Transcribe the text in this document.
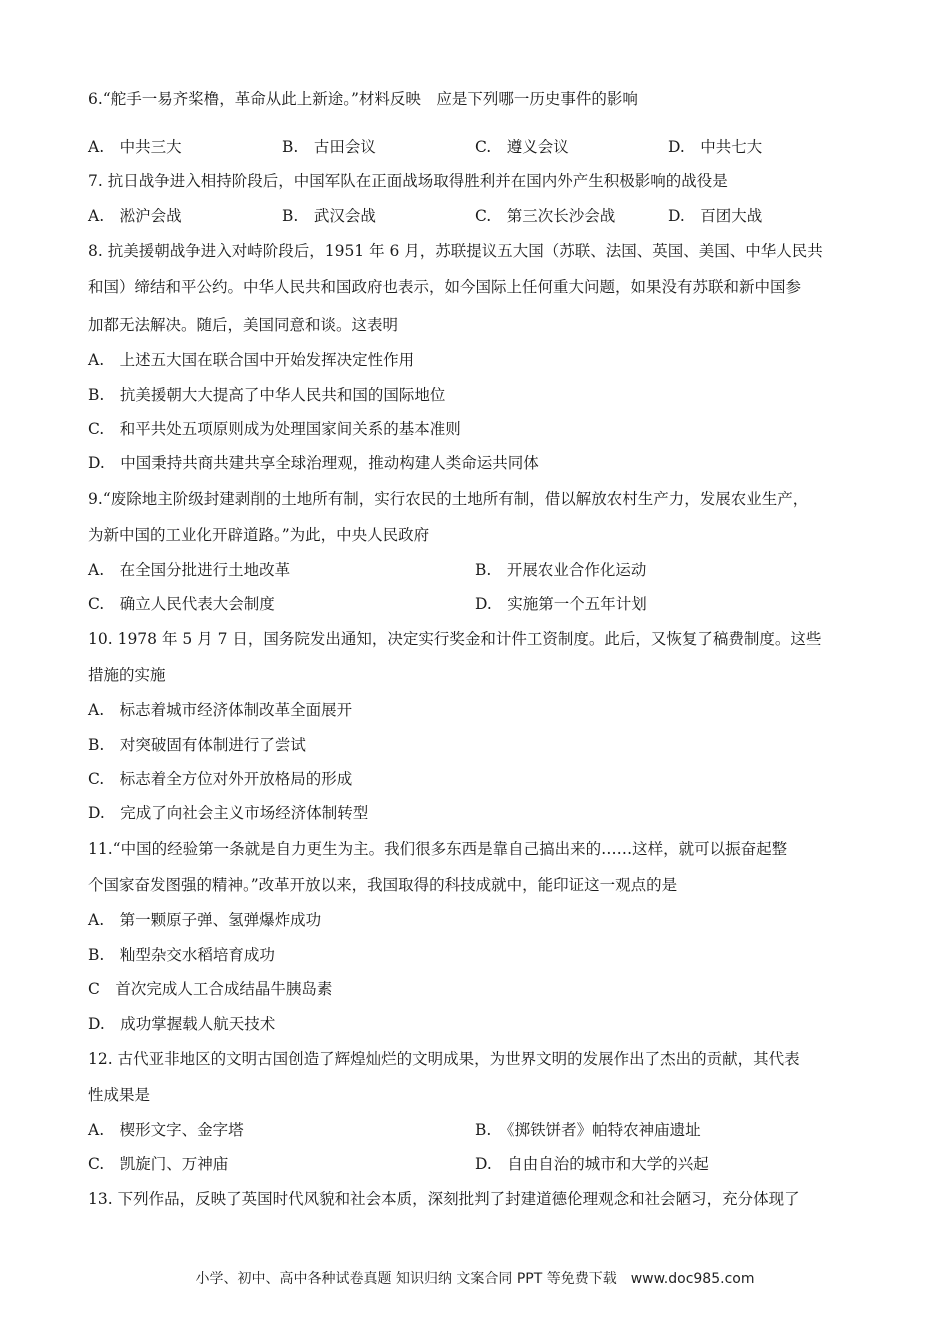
6.“舵手一易齐桨橹，革命从此上新途。”材料反映　应是下列哪一历史事件的影响
A.　中共三大	B.　古田会议	C.　遵义会议	D.　中共七大
7. 抗日战争进入相持阶段后，中国军队在正面战场取得胜利并在国内外产生积极影响的战役是
A.　淞沪会战	B.　武汉会战	C.　第三次长沙会战	D.　百团大战
8. 抗美援朝战争进入对峙阶段后，1951 年 6 月，苏联提议五大国（苏联、法国、英国、美国、中华人民共
和国）缔结和平公约。中华人民共和国政府也表示，如今国际上任何重大问题，如果没有苏联和新中国参
加都无法解决。随后，美国同意和谈。这表明
A.　上述五大国在联合国中开始发挥决定性作用
B.　抗美援朝大大提高了中华人民共和国的国际地位
C.　和平共处五项原则成为处理国家间关系的基本准则
D.　中国秉持共商共建共享全球治理观，推动构建人类命运共同体
9.“废除地主阶级封建剥削的土地所有制，实行农民的土地所有制，借以解放农村生产力，发展农业生产，
为新中国的工业化开辟道路。”为此，中央人民政府
A.　在全国分批进行土地改革	B.　开展农业合作化运动
C.　确立人民代表大会制度	D.　实施第一个五年计划
10. 1978 年 5 月 7 日，国务院发出通知，决定实行奖金和计件工资制度。此后，又恢复了稿费制度。这些
措施的实施
A.　标志着城市经济体制改革全面展开
B.　对突破固有体制进行了尝试
C.　标志着全方位对外开放格局的形成
D.　完成了向社会主义市场经济体制转型
11.“中国的经验第一条就是自力更生为主。我们很多东西是靠自己搞出来的……这样，就可以振奋起整
个国家奋发图强的精神。”改革开放以来，我国取得的科技成就中，能印证这一观点的是
A.　第一颗原子弹、氢弹爆炸成功
B.　籼型杂交水稻培育成功
C　首次完成人工合成结晶牛胰岛素
D.　成功掌握载人航天技术
12. 古代亚非地区的文明古国创造了辉煌灿烂的文明成果，为世界文明的发展作出了杰出的贡献，其代表
性成果是
A.　楔形文字、金字塔	B.　《掷铁饼者》帕特农神庙遗址
C.　凯旋门、万神庙	D.　自由自治的城市和大学的兴起
13. 下列作品，反映了英国时代风貌和社会本质，深刻批判了封建道德伦理观念和社会陋习，充分体现了
小学、初中、高中各种试卷真题 知识归纳 文案合同 PPT 等免费下载　www.doc985.com
